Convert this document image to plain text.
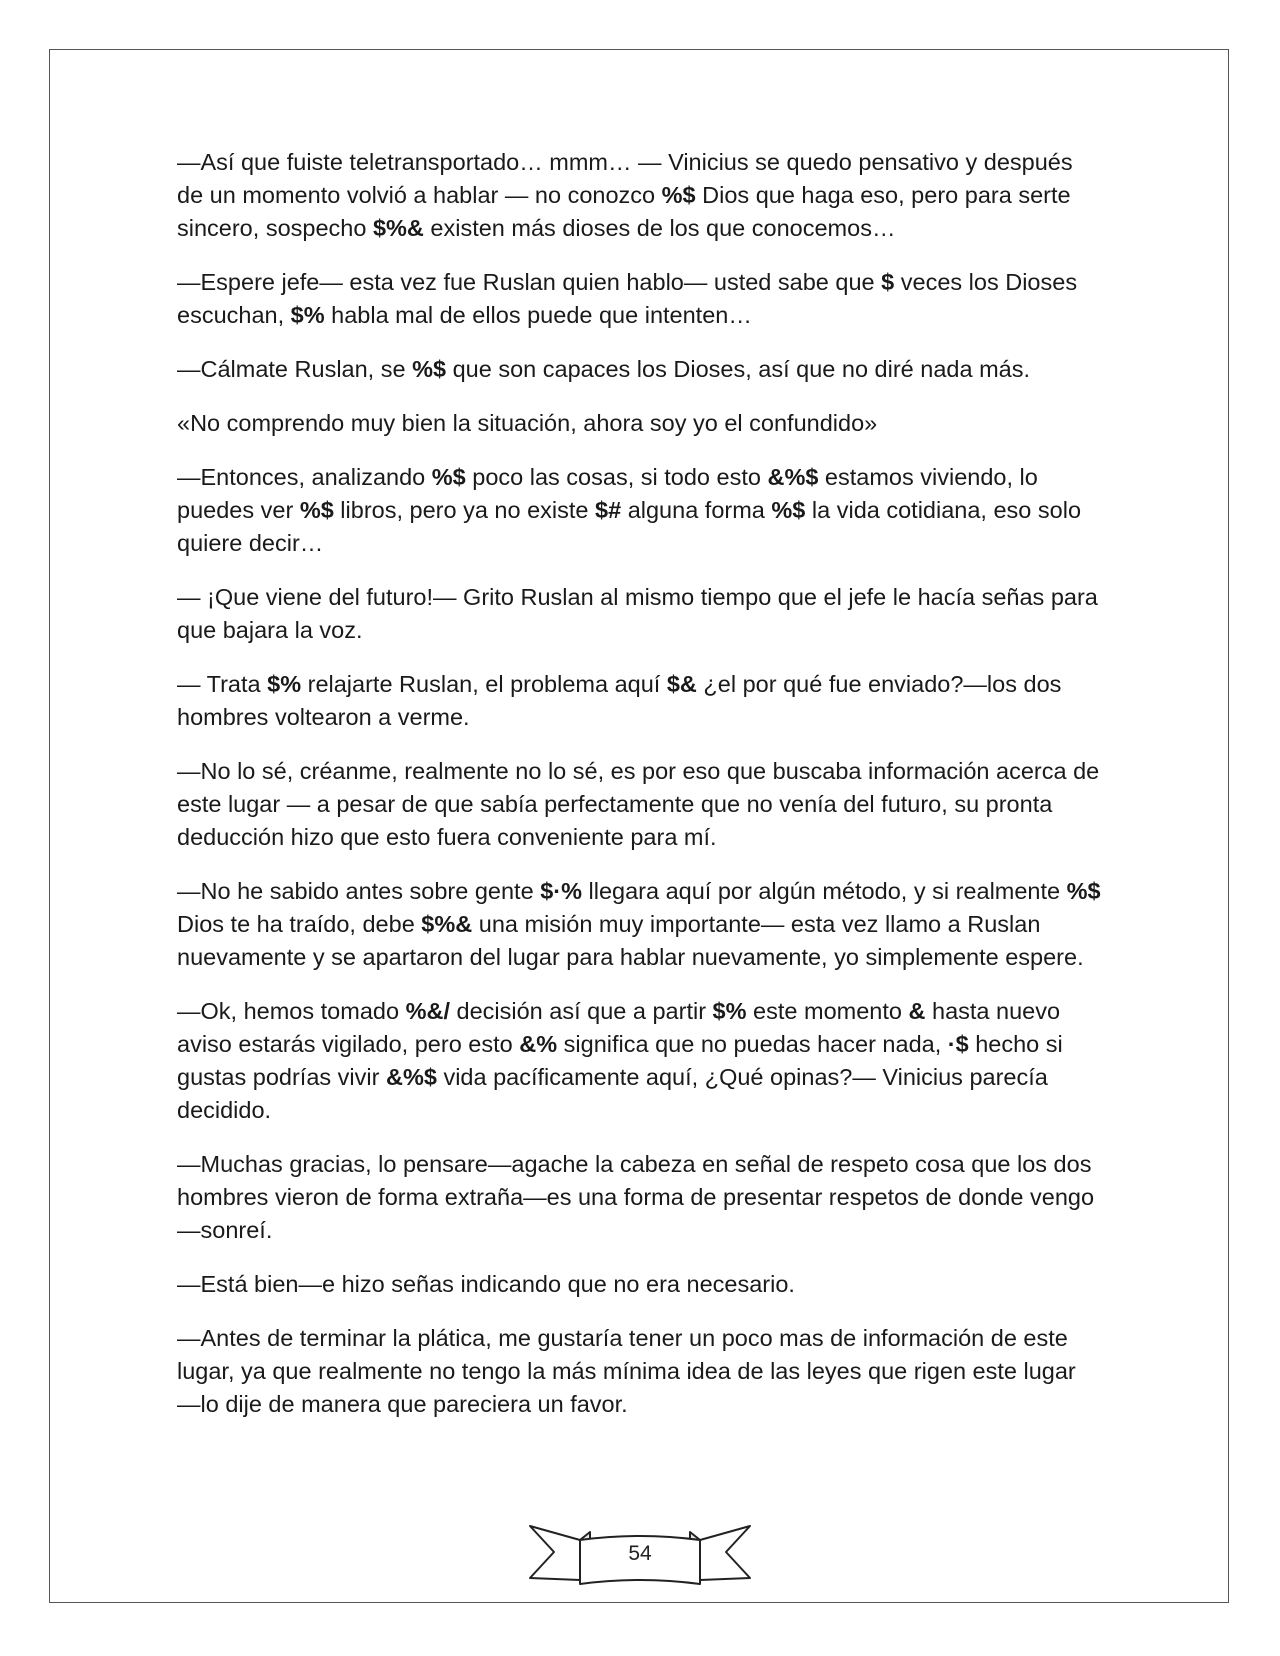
—Así que fuiste teletransportado… mmm… — Vinicius se quedo pensativo y después de un momento volvió a hablar — no conozco %$ Dios que haga eso, pero para serte sincero, sospecho $%& existen más dioses de los que conocemos…

—Espere jefe— esta vez fue Ruslan quien hablo— usted sabe que $ veces los Dioses escuchan, $% habla mal de ellos puede que intenten…

—Cálmate Ruslan, se %$ que son capaces los Dioses, así que no diré nada más.

«No comprendo muy bien la situación, ahora soy yo el confundido»

—Entonces, analizando %$ poco las cosas, si todo esto &%$ estamos viviendo, lo puedes ver %$ libros, pero ya no existe $# alguna forma %$ la vida cotidiana, eso solo quiere decir…

— ¡Que viene del futuro!— Grito Ruslan al mismo tiempo que el jefe le hacía señas para que bajara la voz.

— Trata $% relajarte Ruslan, el problema aquí $& ¿el por qué fue enviado?—los dos hombres voltearon a verme.

—No lo sé, créanme, realmente no lo sé, es por eso que buscaba información acerca de este lugar — a pesar de que sabía perfectamente que no venía del futuro, su pronta deducción hizo que esto fuera conveniente para mí.

—No he sabido antes sobre gente $·% llegara aquí por algún método, y si realmente %$ Dios te ha traído, debe $%& una misión muy importante— esta vez llamo a Ruslan nuevamente y se apartaron del lugar para hablar nuevamente, yo simplemente espere.

—Ok, hemos tomado %&/ decisión así que a partir $% este momento & hasta nuevo aviso estarás vigilado, pero esto &% significa que no puedas hacer nada, ·$ hecho si gustas podrías vivir &%$ vida pacíficamente aquí, ¿Qué opinas?— Vinicius parecía decidido.

—Muchas gracias, lo pensare—agache la cabeza en señal de respeto cosa que los dos hombres vieron de forma extraña—es una forma de presentar respetos de donde vengo—sonreí.

—Está bien—e hizo señas indicando que no era necesario.

—Antes de terminar la plática, me gustaría tener un poco mas de información de este lugar, ya que realmente no tengo la más mínima idea de las leyes que rigen este lugar —lo dije de manera que pareciera un favor.

54
